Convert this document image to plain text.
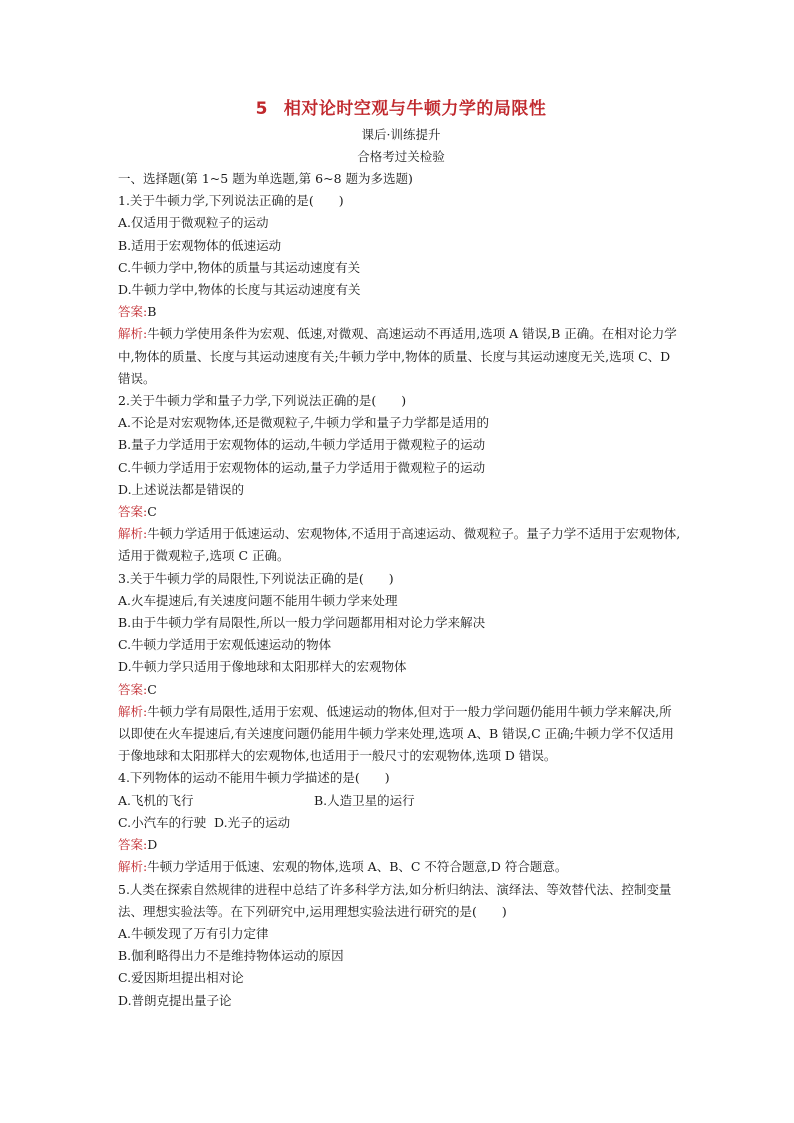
5 相对论时空观与牛顿力学的局限性

课后·训练提升

合格考过关检验

一、选择题(第 1~5 题为单选题,第 6~8 题为多选题)

1.关于牛顿力学,下列说法正确的是(　　)

A.仅适用于微观粒子的运动

B.适用于宏观物体的低速运动

C.牛顿力学中,物体的质量与其运动速度有关

D.牛顿力学中,物体的长度与其运动速度有关

答案:B

解析:牛顿力学使用条件为宏观、低速,对微观、高速运动不再适用,选项 A 错误,B 正确。在相对论力学中,物体的质量、长度与其运动速度有关;牛顿力学中,物体的质量、长度与其运动速度无关,选项 C、D 错误。

2.关于牛顿力学和量子力学,下列说法正确的是(　　)

A.不论是对宏观物体,还是微观粒子,牛顿力学和量子力学都是适用的

B.量子力学适用于宏观物体的运动,牛顿力学适用于微观粒子的运动

C.牛顿力学适用于宏观物体的运动,量子力学适用于微观粒子的运动

D.上述说法都是错误的

答案:C

解析:牛顿力学适用于低速运动、宏观物体,不适用于高速运动、微观粒子。量子力学不适用于宏观物体,适用于微观粒子,选项 C 正确。

3.关于牛顿力学的局限性,下列说法正确的是(　　)

A.火车提速后,有关速度问题不能用牛顿力学来处理

B.由于牛顿力学有局限性,所以一般力学问题都用相对论力学来解决

C.牛顿力学适用于宏观低速运动的物体

D.牛顿力学只适用于像地球和太阳那样大的宏观物体

答案:C

解析:牛顿力学有局限性,适用于宏观、低速运动的物体,但对于一般力学问题仍能用牛顿力学来解决,所以即使在火车提速后,有关速度问题仍能用牛顿力学来处理,选项 A、B 错误,C 正确;牛顿力学不仅适用于像地球和太阳那样大的宏观物体,也适用于一般尺寸的宏观物体,选项 D 错误。

4.下列物体的运动不能用牛顿力学描述的是(　　)

A.飞机的飞行	B.人造卫星的运行
C.小汽车的行驶
D.光子的运动

答案:D

解析:牛顿力学适用于低速、宏观的物体,选项 A、B、C 不符合题意,D 符合题意。

5.人类在探索自然规律的进程中总结了许多科学方法,如分析归纳法、演绎法、等效替代法、控制变量法、理想实验法等。在下列研究中,运用理想实验法进行研究的是(　　)

A.牛顿发现了万有引力定律

B.伽利略得出力不是维持物体运动的原因

C.爱因斯坦提出相对论

D.普朗克提出量子论
